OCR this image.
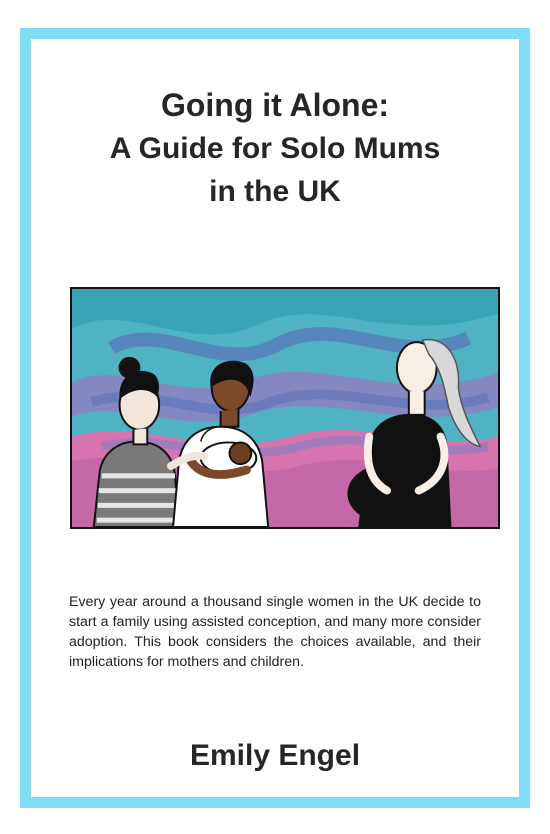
Going it Alone:
A Guide for Solo Mums
in the UK

Every year around a thousand single women in the UK decide to start a family using assisted conception, and many more consider adoption. This book considers the choices available, and their implications for mothers and children.

Emily Engel
